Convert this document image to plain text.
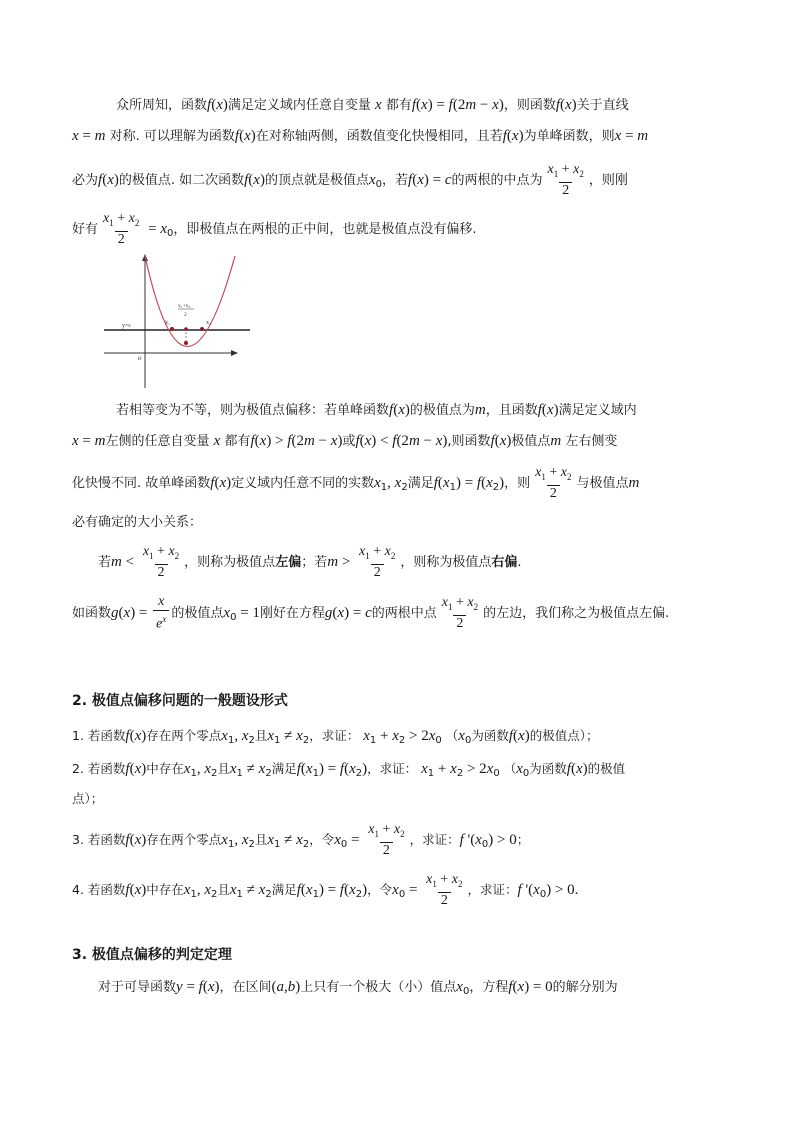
众所周知，函数f(x)满足定义域内任意自变量 x 都有f(x) = f(2m − x)，则函数f(x)关于直线
x = m 对称. 可以理解为函数f(x)在对称轴两侧，函数值变化快慢相同，且若f(x)为单峰函数，则x = m
必为f(x)的极值点. 如二次函数f(x)的顶点就是极值点$x_0$，若f(x) = c的两根的中点为 $\frac{x_1 + x_2}{2}$ ，则刚
好有 $\frac{x_1 + x_2}{2} = x_0$，即极值点在两根的正中间，也就是极值点没有偏移.
y=c
o
x₁	x₂
x₁+x₂
2
若相等变为不等，则为极值点偏移：若单峰函数f(x)的极值点为m，且函数f(x)满足定义域内
x = m左侧的任意自变量 x 都有f(x) > f(2m − x)或f(x) < f(2m − x),则函数f(x)极值点m 左右侧变
化快慢不同. 故单峰函数f(x)定义域内任意不同的实数$x_1$, $x_2$满足$f(x_1) = f(x_2)$，则 $\frac{x_1 + x_2}{2}$ 与极值点m
必有确定的大小关系：
若$m < \frac{x_1 + x_2}{2}$ ，则称为极值点左偏；若$m > \frac{x_1 + x_2}{2}$ ，则称为极值点右偏.
如函数$g(x) = \frac{x}{e^x}$ 的极值点$x_0 = 1$刚好在方程g(x) = c的两根中点 $\frac{x_1 + x_2}{2}$ 的左边，我们称之为极值点左偏.
2. 极值点偏移问题的一般题设形式
1. 若函数f(x)存在两个零点$x_1$, $x_2$且$x_1 \ne x_2$，求证： $x_1 + x_2 > 2x_0$ （$x_0$为函数f(x)的极值点）；
2. 若函数f(x)中存在$x_1$, $x_2$且$x_1 \ne x_2$满足$f(x_1) = f(x_2)$，求证： $x_1 + x_2 > 2x_0$ （$x_0$为函数f(x)的极值
点）；
3. 若函数f(x)存在两个零点$x_1$, $x_2$且$x_1 \ne x_2$，令$x_0 = \frac{x_1 + x_2}{2}$ ，求证：f '$(x_0) > 0$；
4. 若函数f(x)中存在$x_1$, $x_2$且$x_1 \ne x_2$满足$f(x_1) = f(x_2)$，令$x_0 = \frac{x_1 + x_2}{2}$ ，求证：f '$(x_0) > 0$.
3. 极值点偏移的判定定理
对于可导函数y = f(x)，在区间(a,b)上只有一个极大（小）值点$x_0$，方程f(x) = 0的解分别为
